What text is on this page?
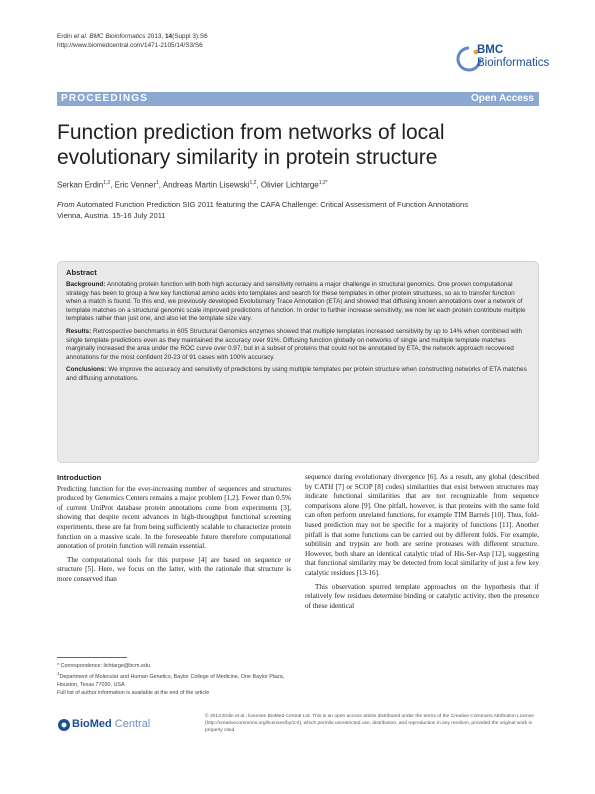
Erdin et al. BMC Bioinformatics 2013, 14(Suppl 3):S6
http://www.biomedcentral.com/1471-2105/14/S3/S6	BMC
Bioinformatics
PROCEEDINGS	Open Access
Function prediction from networks of local evolutionary similarity in protein structure
Serkan Erdin$^{1,2}$, Eric Venner$^1$, Andreas Martin Lisewski$^{1,2}$, Olivier Lichtarge$^{1,2*}$
From Automated Function Prediction SIG 2011 featuring the CAFA Challenge: Critical Assessment of Function Annotations
Vienna, Austria. 15-16 July 2011
Abstract

Background: Annotating protein function with both high accuracy and sensitivity remains a major challenge in structural genomics. One proven computational strategy has been to group a few key functional amino acids into templates and search for these templates in other protein structures, so as to transfer function when a match is found. To this end, we previously developed Evolutionary Trace Annotation (ETA) and showed that diffusing known annotations over a network of template matches on a structural genomic scale improved predictions of function. In order to further increase sensitivity, we now let each protein contribute multiple templates rather than just one, and also let the template size vary.

Results: Retrospective benchmarks in 605 Structural Genomics enzymes showed that multiple templates increased sensitivity by up to 14% when combined with single template predictions even as they maintained the accuracy over 91%. Diffusing function globally on networks of single and multiple template matches marginally increased the area under the ROC curve over 0.97, but in a subset of proteins that could not be annotated by ETA, the network approach recovered annotations for the most confident 20-23 of 91 cases with 100% accuracy.

Conclusions: We improve the accuracy and sensitivity of predictions by using multiple templates per protein structure when constructing networks of ETA matches and diffusing annotations.

Introduction

Predicting function for the ever-increasing number of sequences and structures produced by Genomics Centers remains a major problem [1,2]. Fewer than 0.5% of current UniProt database protein annotations come from experiments [3], showing that despite recent advances in high-throughput functional screening experiments, these are far from being sufficiently scalable to characterize protein function on a massive scale. In the foreseeable future therefore computational annotation of protein function will remain essential.

The computational tools for this purpose [4] are based on sequence or structure [5]. Here, we focus on the latter, with the rationale that structure is more conserved than

sequence during evolutionary divergence [6]. As a result, any global (described by CATH [7] or SCOP [8] codes) similarities that exist between structures may indicate functional similarities that are not recognizable from sequence comparisons alone [9]. One pitfall, however, is that proteins with the same fold can often perform unrelated functions, for example TIM Barrels [10]. Thus, fold-based prediction may not be specific for a majority of functions [11]. Another pitfall is that some functions can be carried out by different folds. For example, subtilisin and trypsin are both are serine proteases with different structure. However, both share an identical catalytic triad of His-Ser-Asp [12], suggesting that functional similarity may be detected from local similarity of just a few key catalytic residues [13-16].

This observation spurred template approaches on the hypothesis that if relatively few residues determine binding or catalytic activity, then the presence of these identical

* Correspondence: lichtarge@bcm.edu
$^1$Department of Molecular and Human Genetics, Baylor College of Medicine, One Baylor Plaza, Houston, Texas 77030, USA
Full list of author information is available at the end of the article
BioMed Central
© 2013 Erdin et al.; licensee BioMed Central Ltd. This is an open access article distributed under the terms of the Creative Commons Attribution License (http://creativecommons.org/licenses/by/2.0), which permits unrestricted use, distribution, and reproduction in any medium, provided the original work is properly cited.
